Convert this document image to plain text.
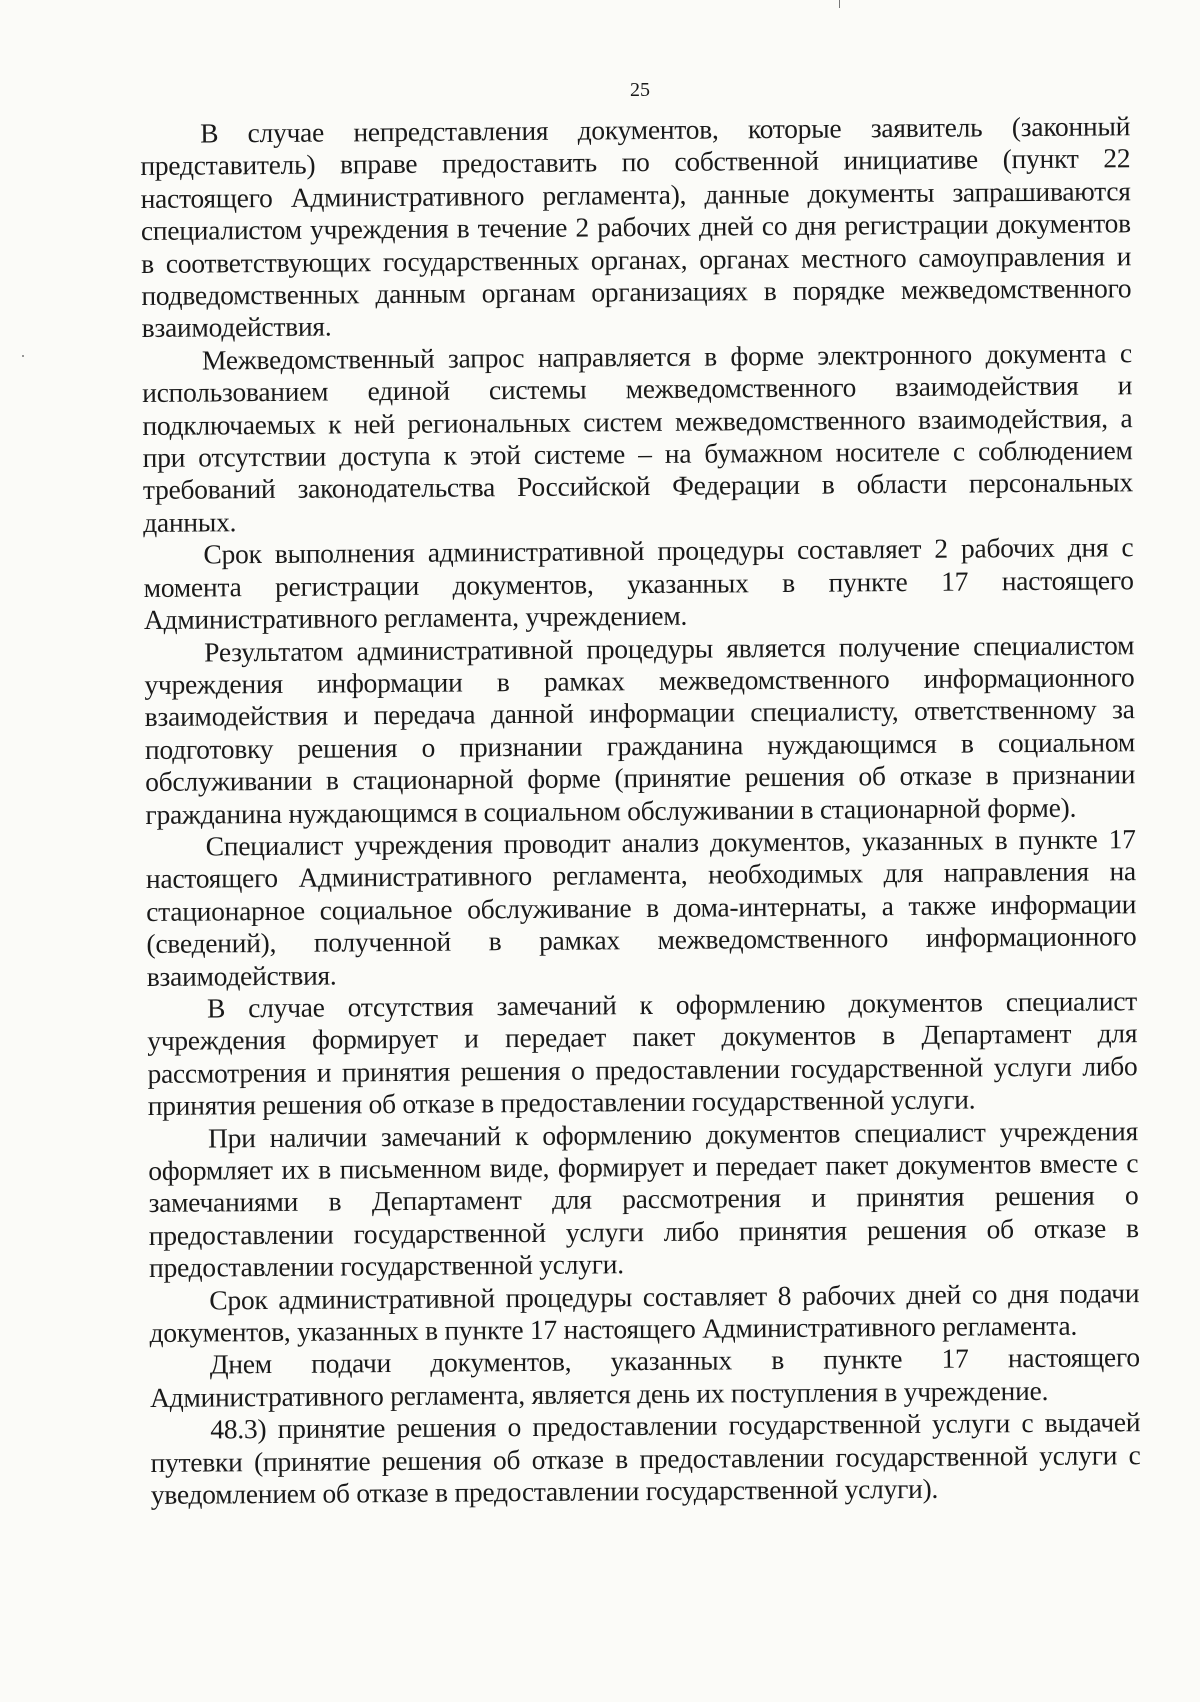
25

В случае непредставления документов, которые заявитель (законный представитель) вправе предоставить по собственной инициативе (пункт 22 настоящего Административного регламента), данные документы запрашиваются специалистом учреждения в течение 2 рабочих дней со дня регистрации документов в соответствующих государственных органах, органах местного самоуправления и подведомственных данным органам организациях в порядке межведомственного взаимодействия.

Межведомственный запрос направляется в форме электронного документа с использованием единой системы межведомственного взаимодействия и подключаемых к ней региональных систем межведомственного взаимодействия, а при отсутствии доступа к этой системе – на бумажном носителе с соблюдением требований законодательства Российской Федерации в области персональных данных.

Срок выполнения административной процедуры составляет 2 рабочих дня с момента регистрации документов, указанных в пункте 17 настоящего Административного регламента, учреждением.

Результатом административной процедуры является получение специалистом учреждения информации в рамках межведомственного информационного взаимодействия и передача данной информации специалисту, ответственному за подготовку решения о признании гражданина нуждающимся в социальном обслуживании в стационарной форме (принятие решения об отказе в признании гражданина нуждающимся в социальном обслуживании в стационарной форме).

Специалист учреждения проводит анализ документов, указанных в пункте 17 настоящего Административного регламента, необходимых для направления на стационарное социальное обслуживание в дома-интернаты, а также информации (сведений), полученной в рамках межведомственного информационного взаимодействия.

В случае отсутствия замечаний к оформлению документов специалист учреждения формирует и передает пакет документов в Департамент для рассмотрения и принятия решения о предоставлении государственной услуги либо принятия решения об отказе в предоставлении государственной услуги.

При наличии замечаний к оформлению документов специалист учреждения оформляет их в письменном виде, формирует и передает пакет документов вместе с замечаниями в Департамент для рассмотрения и принятия решения о предоставлении государственной услуги либо принятия решения об отказе в предоставлении государственной услуги.

Срок административной процедуры составляет 8 рабочих дней со дня подачи документов, указанных в пункте 17 настоящего Административного регламента.

Днем подачи документов, указанных в пункте 17 настоящего Административного регламента, является день их поступления в учреждение.

48.3) принятие решения о предоставлении государственной услуги с выдачей путевки (принятие решения об отказе в предоставлении государственной услуги с уведомлением об отказе в предоставлении государственной услуги).
